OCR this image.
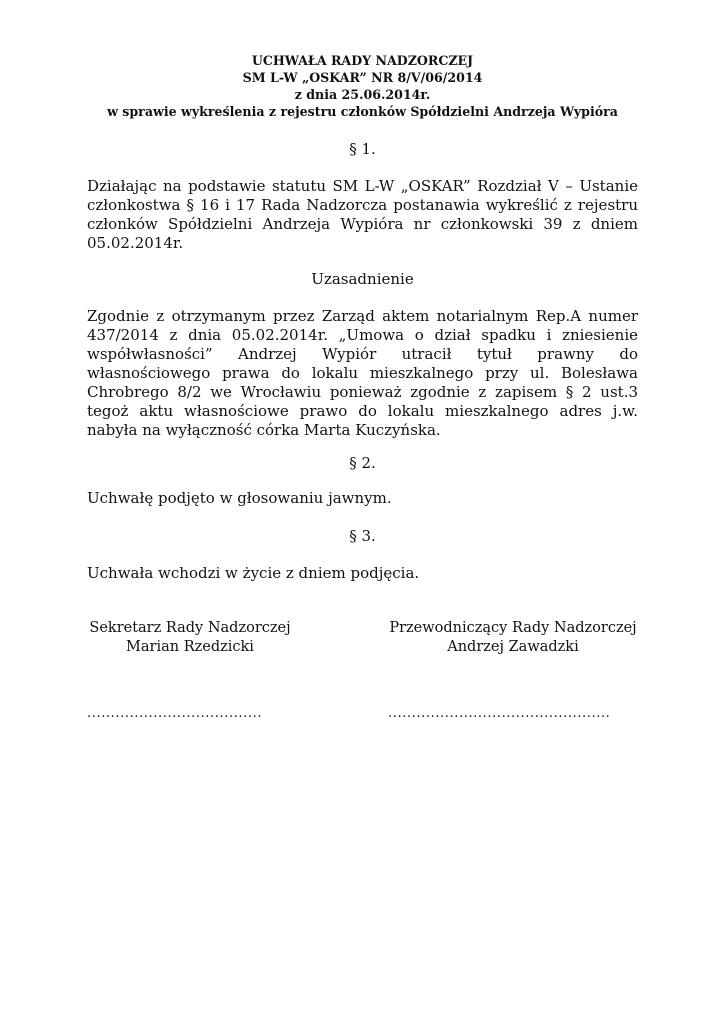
UCHWAŁA RADY NADZORCZEJ
SM L-W „OSKAR” NR 8/V/06/2014
z dnia 25.06.2014r.
w sprawie wykreślenia z rejestru członków Spółdzielni Andrzeja Wypióra
§ 1.
Działając na podstawie statutu SM L-W „OSKAR” Rozdział V – Ustanie
członkostwa § 16 i 17 Rada Nadzorcza postanawia wykreślić z rejestru
członków Spółdzielni Andrzeja Wypióra nr członkowski 39 z dniem
05.02.2014r.
Uzasadnienie
Zgodnie z otrzymanym przez Zarząd aktem notarialnym Rep.A numer
437/2014 z dnia 05.02.2014r. „Umowa o dział spadku i zniesienie
współwłasności” Andrzej Wypiór utracił tytuł prawny do
własnościowego prawa do lokalu mieszkalnego przy ul. Bolesława
Chrobrego 8/2 we Wrocławiu ponieważ zgodnie z zapisem § 2 ust.3
tegoż aktu własnościowe prawo do lokalu mieszkalnego adres j.w.
nabyła na wyłączność córka Marta Kuczyńska.
§ 2.
Uchwałę podjęto w głosowaniu jawnym.
§ 3.
Uchwała wchodzi w życie z dniem podjęcia.
Sekretarz Rady Nadzorczej
Marian Rzedzicki
Przewodniczący Rady Nadzorczej
Andrzej Zawadzki
.....................................	...............................................
